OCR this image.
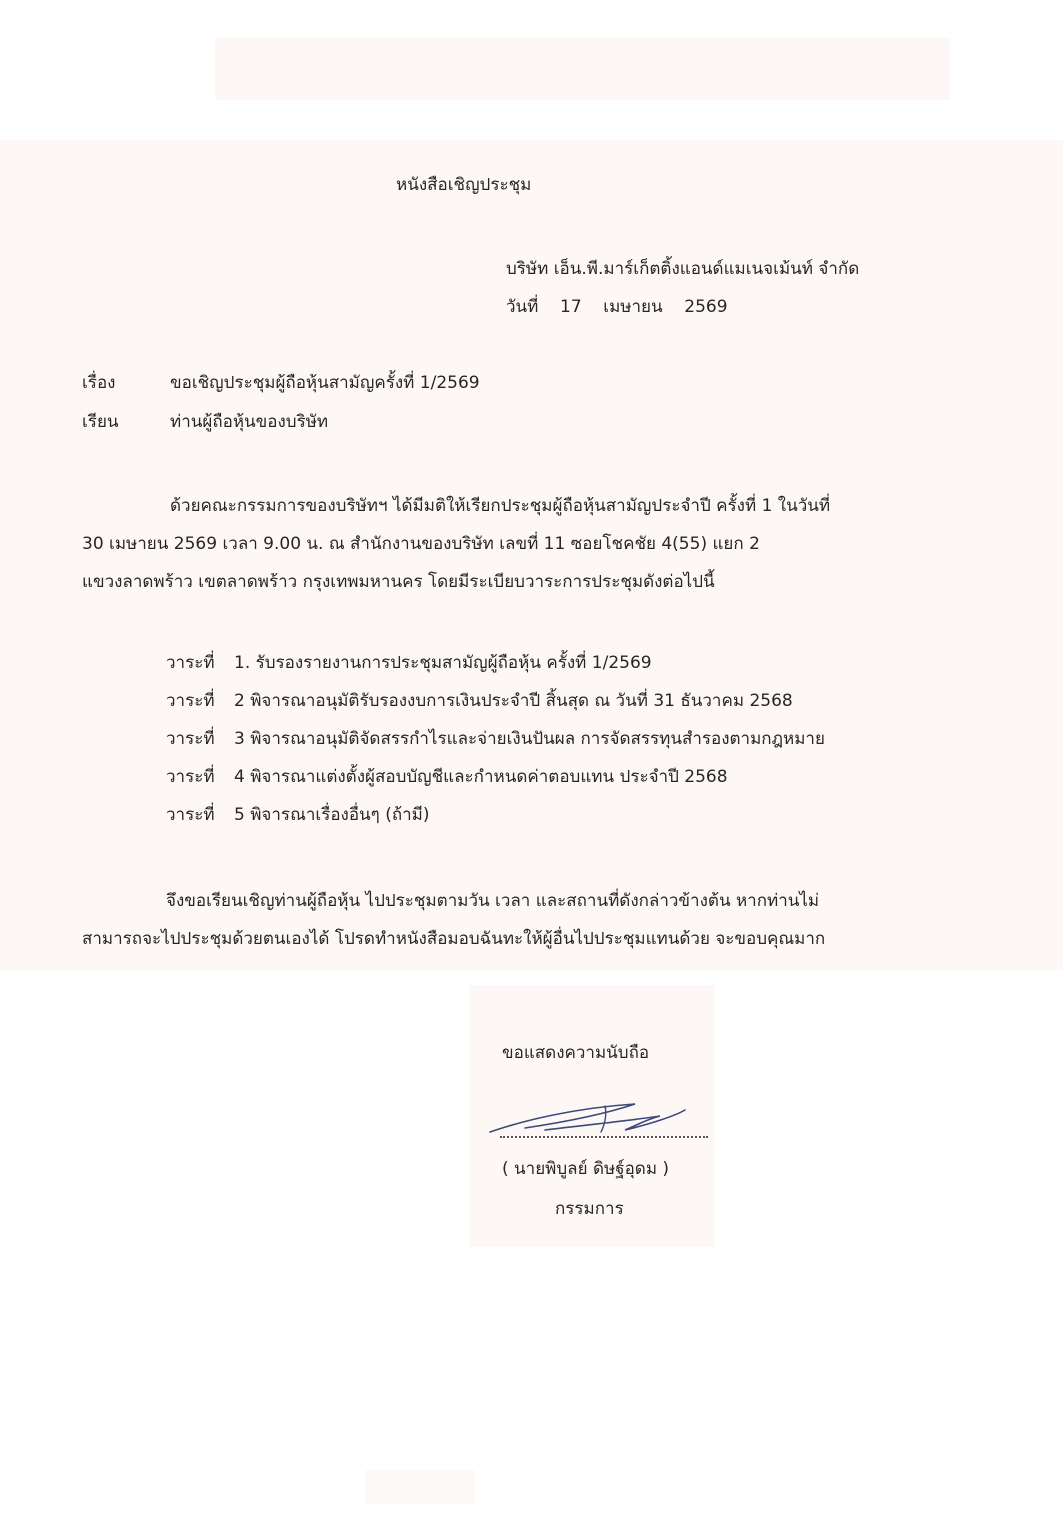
หนังสือเชิญประชุม
บริษัท เอ็น.พี.มาร์เก็ตติ้งแอนด์แมเนจเม้นท์ จำกัด
วันที่ 17 เมษายน 2569
เรื่อง	ขอเชิญประชุมผู้ถือหุ้นสามัญครั้งที่ 1/2569
เรียน	ท่านผู้ถือหุ้นของบริษัท
ด้วยคณะกรรมการของบริษัทฯ ได้มีมติให้เรียกประชุมผู้ถือหุ้นสามัญประจำปี ครั้งที่ 1 ในวันที่
30 เมษายน 2569 เวลา 9.00 น. ณ สำนักงานของบริษัท เลขที่ 11 ซอยโชคชัย 4(55) แยก 2
แขวงลาดพร้าว เขตลาดพร้าว กรุงเทพมหานคร โดยมีระเบียบวาระการประชุมดังต่อไปนี้
วาระที่ 1. รับรองรายงานการประชุมสามัญผู้ถือหุ้น ครั้งที่ 1/2569
วาระที่ 2 พิจารณาอนุมัติรับรองงบการเงินประจำปี สิ้นสุด ณ วันที่ 31 ธันวาคม 2568
วาระที่ 3 พิจารณาอนุมัติจัดสรรกำไรและจ่ายเงินปันผล การจัดสรรทุนสำรองตามกฎหมาย
วาระที่ 4 พิจารณาแต่งตั้งผู้สอบบัญชีและกำหนดค่าตอบแทน ประจำปี 2568
วาระที่ 5 พิจารณาเรื่องอื่นๆ (ถ้ามี)
จึงขอเรียนเชิญท่านผู้ถือหุ้น ไปประชุมตามวัน เวลา และสถานที่ดังกล่าวข้างต้น หากท่านไม่
สามารถจะไปประชุมด้วยตนเองได้ โปรดทำหนังสือมอบฉันทะให้ผู้อื่นไปประชุมแทนด้วย จะขอบคุณมาก
ขอแสดงความนับถือ
( นายพิบูลย์ ดิษฐ์อุดม )
กรรมการ
